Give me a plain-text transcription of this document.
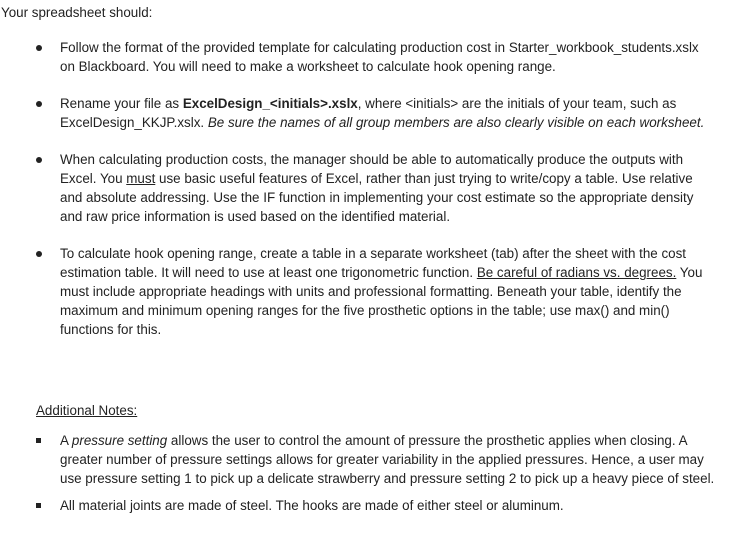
Your spreadsheet should:

Follow the format of the provided template for calculating production cost in Starter_workbook_students.xslx on Blackboard. You will need to make a worksheet to calculate hook opening range.
Rename your file as ExcelDesign_<initials>.xslx, where <initials> are the initials of your team, such as ExcelDesign_KKJP.xslx. Be sure the names of all group members are also clearly visible on each worksheet.
When calculating production costs, the manager should be able to automatically produce the outputs with Excel. You must use basic useful features of Excel, rather than just trying to write/copy a table. Use relative and absolute addressing. Use the IF function in implementing your cost estimate so the appropriate density and raw price information is used based on the identified material.
To calculate hook opening range, create a table in a separate worksheet (tab) after the sheet with the cost estimation table. It will need to use at least one trigonometric function. Be careful of radians vs. degrees. You must include appropriate headings with units and professional formatting. Beneath your table, identify the maximum and minimum opening ranges for the five prosthetic options in the table; use max() and min() functions for this.

Additional Notes:

A pressure setting allows the user to control the amount of pressure the prosthetic applies when closing. A greater number of pressure settings allows for greater variability in the applied pressures. Hence, a user may use pressure setting 1 to pick up a delicate strawberry and pressure setting 2 to pick up a heavy piece of steel.
All material joints are made of steel. The hooks are made of either steel or aluminum.
